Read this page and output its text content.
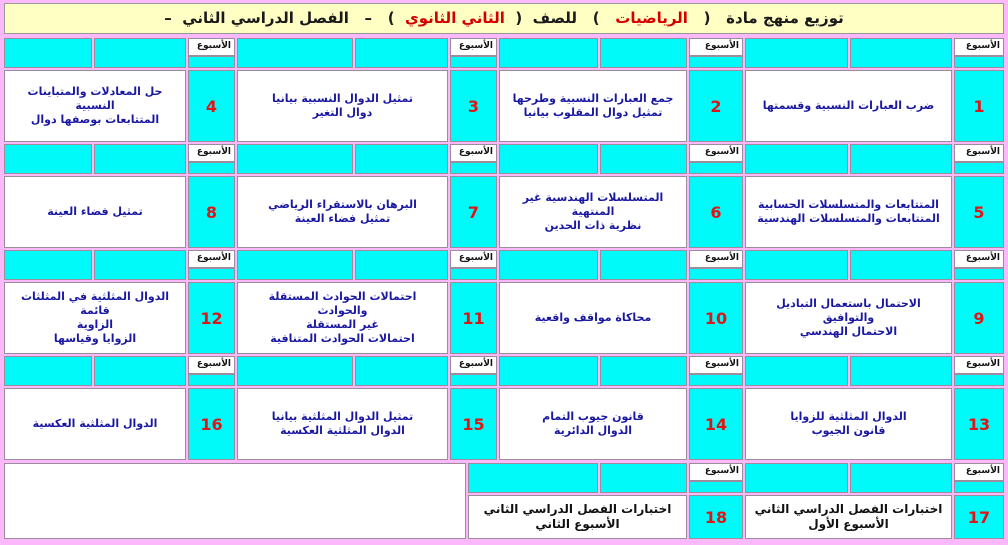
توزيع منهج مادة   (   الرياضيات   )   للصف  (  الثاني الثانوي  )   –   الفصل الدراسي الثاني  –
الأسبوع
1
ضرب العبارات النسبية وقسمتها
الأسبوع
2
جمع العبارات النسبية وطرحها
تمثيل دوال المقلوب بيانيا
الأسبوع
3
تمثيل الدوال النسبية بيانيا
دوال التغير
الأسبوع
4
حل المعادلات والمتباينات النسبية
المتتابعات بوصفها دوال
الأسبوع
5
المتتابعات والمتسلسلات الحسابية
المتتابعات والمتسلسلات الهندسية
الأسبوع
6
المتسلسلات الهندسية غير المنتهية
نظرية ذات الحدين
الأسبوع
7
البرهان بالاستقراء الرياضي
تمثيل فضاء العينة
الأسبوع
8
تمثيل فضاء العينة
الأسبوع
9
الاحتمال باستعمال التباديل والتوافيق
الاحتمال الهندسي
الأسبوع
10
محاكاة مواقف واقعية
الأسبوع
11
احتمالات الحوادث المستقلة والحوادث
غير المستقلة
احتمالات الحوادث المتنافية
الأسبوع
12
الدوال المثلثية في المثلثات قائمة
الزاوية
الزوايا وقياسها
الأسبوع
13
الدوال المثلثية للزوايا
قانون الجيوب
الأسبوع
14
قانون جيوب التمام
الدوال الدائرية
الأسبوع
15
تمثيل الدوال المثلثية بيانيا
الدوال المثلثية العكسية
الأسبوع
16
الدوال المثلثية العكسية
الأسبوع
17
اختبارات الفصل الدراسي الثاني
الأسبوع الأول
الأسبوع
18
اختبارات الفصل الدراسي الثاني
الأسبوع الثاني
